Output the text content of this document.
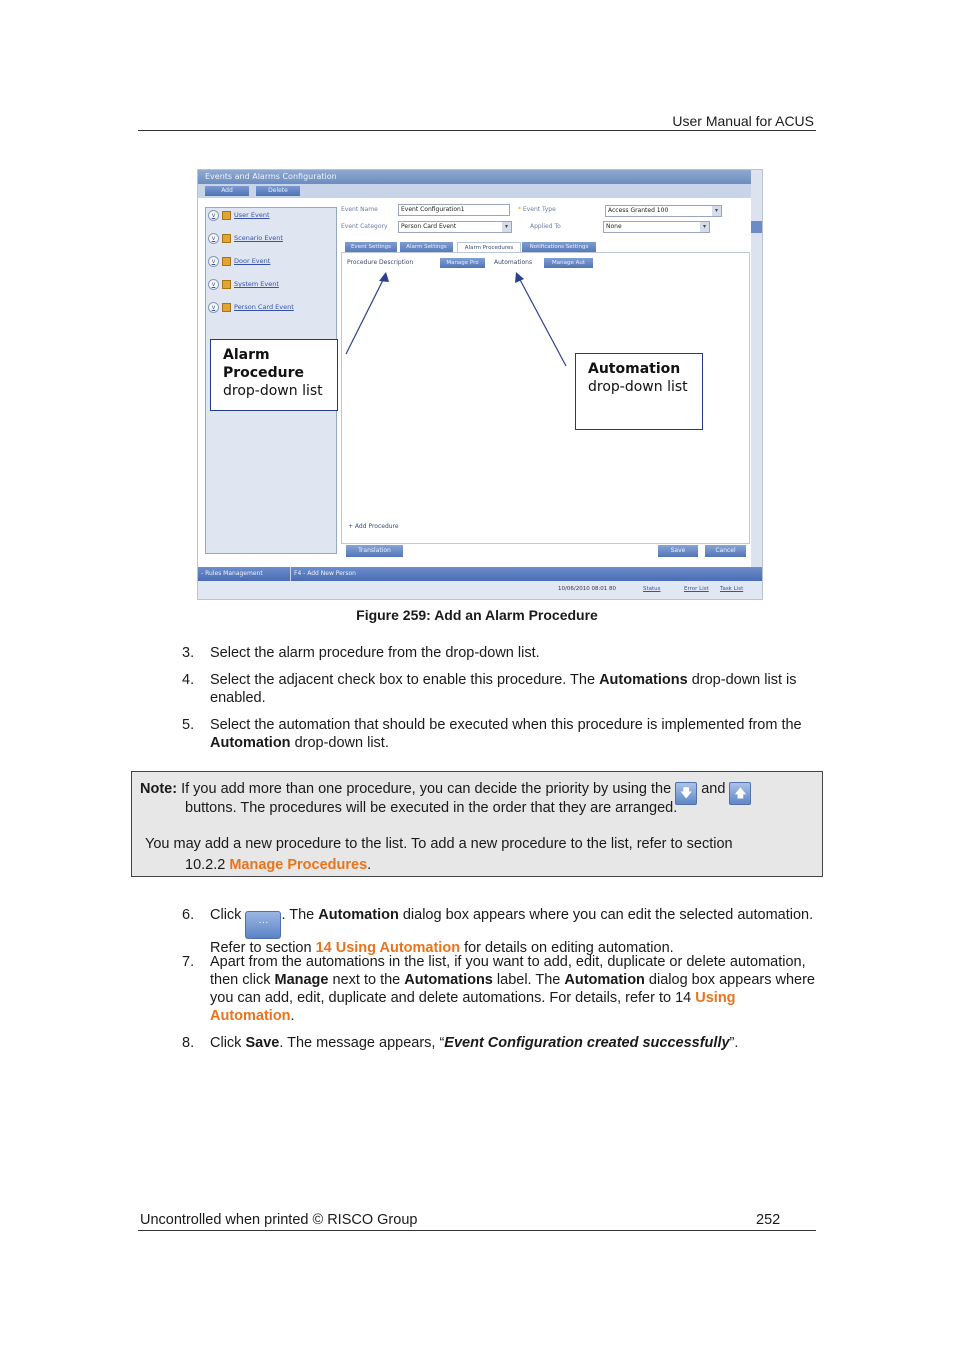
User Manual for ACUS
Events and Alarms Configuration
Add	Delete
v	User Event
v	Scenario Event
v	Door Event
v	System Event
v	Person Card Event
Event Name	Event Configuration1
Event Category	Person Card Event	▾
* Event Type	Access Granted 100	▾
Applied To	None	▾
Event Settings	Alarm Settings	Alarm Procedures	Notifications Settings
Procedure Description	Manage Pro	Automations	Manage Aut
+ Add Procedure
Translation	Save	Cancel
- Rules Management	F4 - Add New Person
10/06/2010 08:01 80	Status	Error List Task List
Alarm Procedure
drop-down list
Automation
drop-down list
Figure 259: Add an Alarm Procedure
3. Select the alarm procedure from the drop-down list.
4. Select the adjacent check box to enable this procedure. The Automations drop-down list is enabled.
5. Select the automation that should be executed when this procedure is implemented from the Automation drop-down list.
Note: If you add more than one procedure, you can decide the priority by using the 🡇 and 🡅
buttons. The procedures will be executed in the order that they are arranged.
You may add a new procedure to the list. To add a new procedure to the list, refer to section
10.2.2 Manage Procedures.
6. Click ··· . The Automation dialog box appears where you can edit the selected automation. Refer to section 14 Using Automation for details on editing automation.
7. Apart from the automations in the list, if you want to add, edit, duplicate or delete automation, then click Manage next to the Automations label. The Automation dialog box appears where you can add, edit, duplicate and delete automations. For details, refer to 14 Using Automation.
8. Click Save. The message appears, “Event Configuration created successfully”.
Uncontrolled when printed © RISCO Group	252
